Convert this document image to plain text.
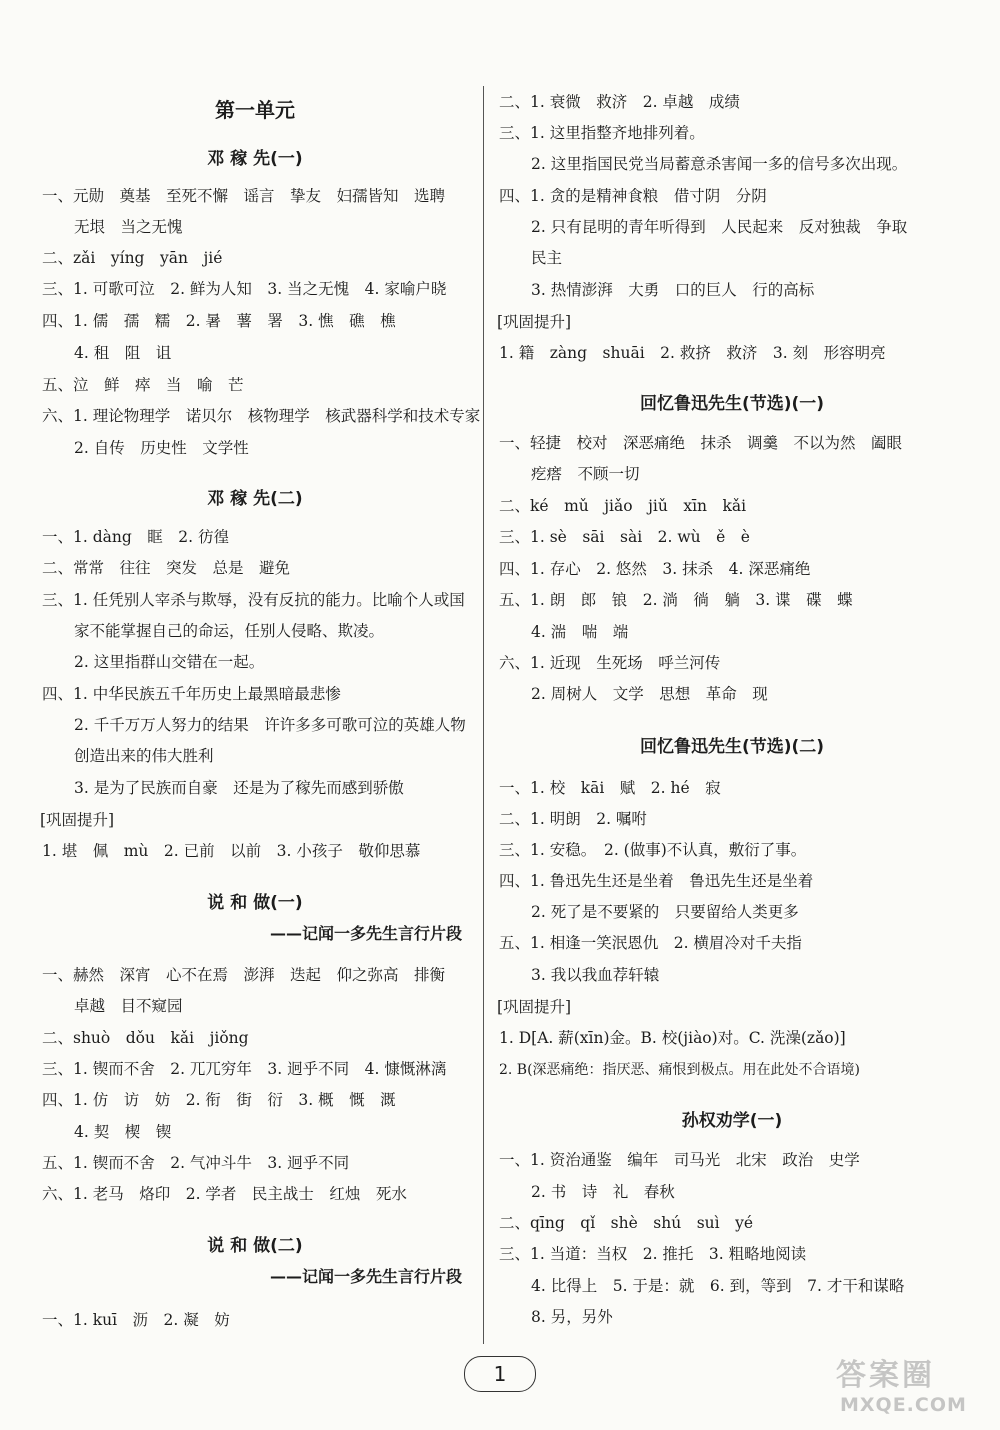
第一单元
邓 稼 先(一)
一、元勋　奠基　至死不懈　谣言　挚友　妇孺皆知　选聘
无垠　当之无愧
二、zǎi　yíng　yān　jié
三、1. 可歌可泣　2. 鲜为人知　3. 当之无愧　4. 家喻户晓
四、1. 儒　孺　糯　2. 暑　薯　署　3. 憔　礁　樵
4. 租　阻　诅
五、泣　鲜　瘁　当　喻　芒
六、1. 理论物理学　诺贝尔　核物理学　核武器科学和技术专家
2. 自传　历史性　文学性
邓 稼 先(二)
一、1. dàng　眶　2. 彷徨
二、常常　往往　突发　总是　避免
三、1. 任凭别人宰杀与欺辱，没有反抗的能力。比喻个人或国
家不能掌握自己的命运，任别人侵略、欺凌。
2. 这里指群山交错在一起。
四、1. 中华民族五千年历史上最黑暗最悲惨
2. 千千万万人努力的结果　许许多多可歌可泣的英雄人物
创造出来的伟大胜利
3. 是为了民族而自豪　还是为了稼先而感到骄傲
[巩固提升]
1. 堪　佩　mù　2. 已前　以前　3. 小孩子　敬仰思慕
说 和 做(一)
——记闻一多先生言行片段
一、赫然　深宵　心不在焉　澎湃　迭起　仰之弥高　排衡
卓越　目不窥园
二、shuò　dǒu　kǎi　jiǒng
三、1. 锲而不舍　2. 兀兀穷年　3. 迥乎不同　4. 慷慨淋漓
四、1. 仿　访　妨　2. 衔　街　衍　3. 概　慨　溉
4. 契　楔　锲
五、1. 锲而不舍　2. 气冲斗牛　3. 迥乎不同
六、1. 老马　烙印　2. 学者　民主战士　红烛　死水
说 和 做(二)
——记闻一多先生言行片段
一、1. kuī　沥　2. 凝　妨
二、1. 衰微　救济　2. 卓越　成绩
三、1. 这里指整齐地排列着。
2. 这里指国民党当局蓄意杀害闻一多的信号多次出现。
四、1. 贪的是精神食粮　借寸阴　分阴
2. 只有昆明的青年听得到　人民起来　反对独裁　争取
民主
3. 热情澎湃　大勇　口的巨人　行的高标
[巩固提升]
1. 籍　zàng　shuāi　2. 救挤　救济　3. 刻　形容明亮
回忆鲁迅先生(节选)(一)
一、轻捷　校对　深恶痛绝　抹杀　调羹　不以为然　阖眼
疙瘩　不顾一切
二、ké　mǔ　jiǎo　jiǔ　xīn　kǎi
三、1. sè　sāi　sài　2. wù　ě　è
四、1. 存心　2. 悠然　3. 抹杀　4. 深恶痛绝
五、1. 朗　郎　锒　2. 淌　徜　躺　3. 谍　碟　蝶
4. 湍　喘　端
六、1. 近现　生死场　呼兰河传
2. 周树人　文学　思想　革命　现
回忆鲁迅先生(节选)(二)
一、1. 校　kāi　赋　2. hé　寂
二、1. 明朗　2. 嘱咐
三、1. 安稳。　2. (做事)不认真，敷衍了事。
四、1. 鲁迅先生还是坐着　鲁迅先生还是坐着
2. 死了是不要紧的　只要留给人类更多
五、1. 相逢一笑泯恩仇　2. 横眉冷对千夫指
3. 我以我血荐轩辕
[巩固提升]
1. D[A. 薪(xīn)金。B. 校(jiào)对。C. 洗澡(zǎo)]
2. B(深恶痛绝：指厌恶、痛恨到极点。用在此处不合语境)
孙权劝学(一)
一、1. 资治通鉴　编年　司马光　北宋　政治　史学
2. 书　诗　礼　春秋
二、qīng　qǐ　shè　shú　suì　yé
三、1. 当道：当权　2. 推托　3. 粗略地阅读
4. 比得上　5. 于是：就　6. 到，等到　7. 才干和谋略
8. 另，另外
1	答案圈
MXQE.COM
